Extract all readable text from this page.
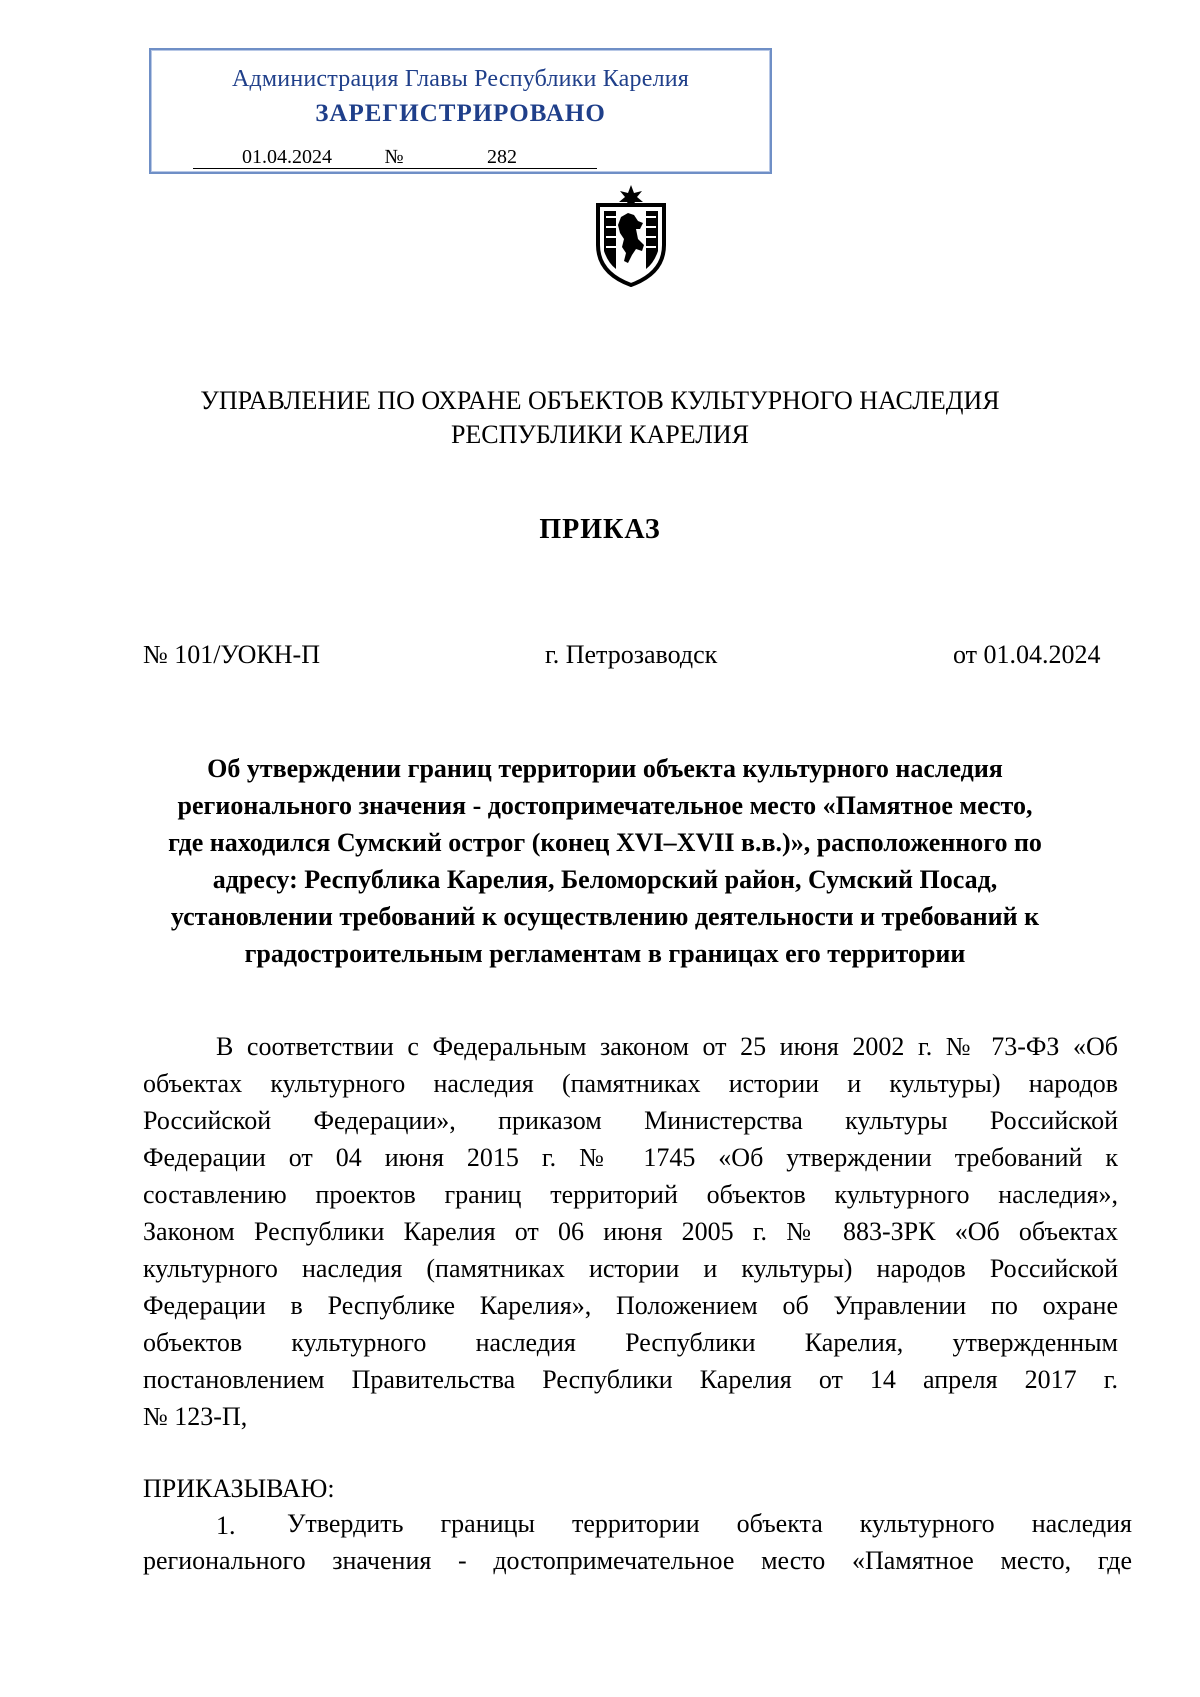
Администрация Главы Республики Карелия
ЗАРЕГИСТРИРОВАНО
01.04.2024	№	282
УПРАВЛЕНИЕ ПО ОХРАНЕ ОБЪЕКТОВ КУЛЬТУРНОГО НАСЛЕДИЯ
РЕСПУБЛИКИ КАРЕЛИЯ
ПРИКАЗ
№ 101/УОКН-П	г. Петрозаводск	от 01.04.2024
Об утверждении границ территории объекта культурного наследия
регионального значения - достопримечательное место «Памятное место,
где находился Сумский острог (конец XVI–XVII в.в.)», расположенного по
адресу: Республика Карелия, Беломорский район, Сумский Посад,
установлении требований к осуществлению деятельности и требований к
градостроительным регламентам в границах его территории
В соответствии с Федеральным законом от 25 июня 2002 г. № 73-ФЗ «Об
объектах культурного наследия (памятниках истории и культуры) народов
Российской Федерации», приказом Министерства культуры Российской
Федерации от 04 июня 2015 г. № 1745 «Об утверждении требований к
составлению проектов границ территорий объектов культурного наследия»,
Законом Республики Карелия от 06 июня 2005 г. № 883-ЗРК «Об объектах
культурного наследия (памятниках истории и культуры) народов Российской
Федерации в Республике Карелия», Положением об Управлении по охране
объектов культурного наследия Республики Карелия, утвержденным
постановлением Правительства Республики Карелия от 14 апреля 2017 г.
№ 123-П,
ПРИКАЗЫВАЮ:
1. Утвердить границы территории объекта культурного наследия
регионального значения - достопримечательное место «Памятное место, где
